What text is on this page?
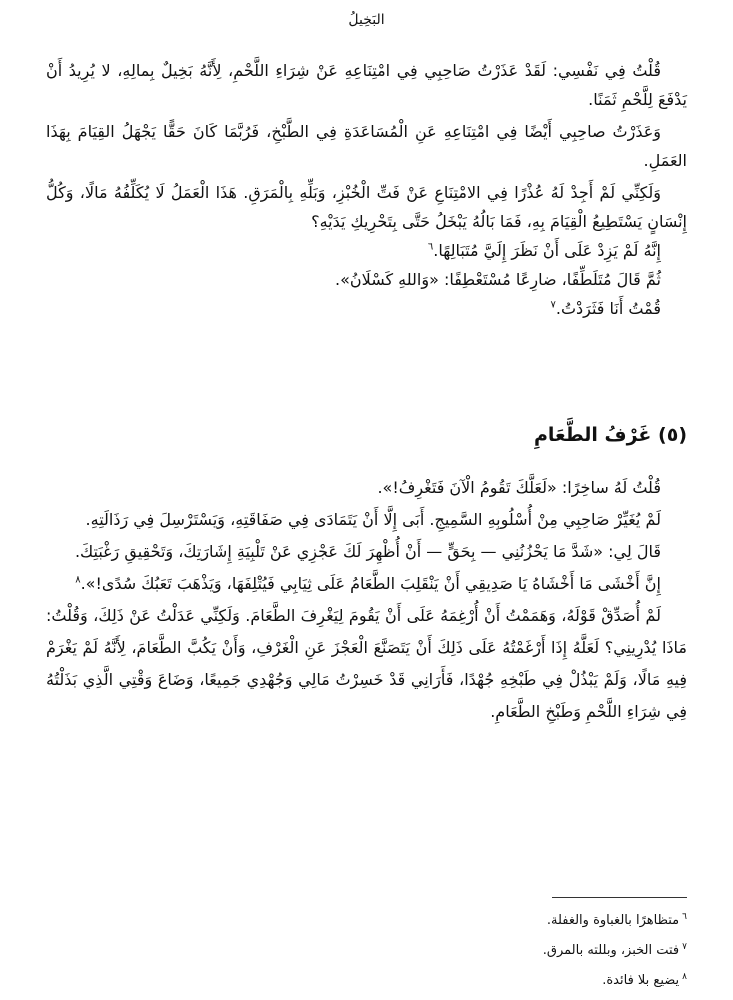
البَخِيلُ

قُلْتُ فِي نَفْسِي: لَقَدْ عَذَرْتُ صَاحِبِي فِي امْتِنَاعِهِ عَنْ شِرَاءِ اللَّحْمِ، لِأَنَّهُ بَخِيلٌ بِمالِهِ، لا يُرِيدُ أَنْ يَدْفَعَ لِلَّحْمِ ثَمَنًا.

وَعَذَرْتُ صاحِبِي أَيْضًا فِي امْتِنَاعِهِ عَنِ الْمُسَاعَدَةِ فِي الطَّبْخِ، فَرُبَّمَا كَانَ حَقًّا يَجْهَلُ القِيَامَ بِهَذَا العَمَلِ.

وَلَكِنِّي لَمْ أَجِدْ لَهُ عُذْرًا فِي الامْتِنَاعِ عَنْ فَتِّ الْخُبْزِ، وَبَلِّهِ بِالْمَرَقِ. هَذَا الْعَمَلُ لَا يُكَلِّفُهُ مَالًا، وَكُلُّ إِنْسَانٍ يَسْتَطِيعُ الْقِيَامَ بِهِ، فَمَا بَالُهُ يَبْخَلُ حَتَّى بِتَحْرِيكِ يَدَيْهِ؟

إِنَّهُ لَمْ يَزِدْ عَلَى أَنْ نَظَرَ إِلَيَّ مُتَبَالِهًا.$^٦$

ثُمَّ قَالَ مُتَلَطِّفًا، ضارِعًا مُسْتَعْطِفًا: «وَاللهِ كَسْلَانُ».

قُمْتُ أَنَا فَثَرَدْتُ.$^٧$

(٥) غَرْفُ الطَّعَامِ

قُلْتُ لَهُ ساخِرًا: «لَعَلَّكَ تَقُومُ الْآنَ فَتَغْرِفُ!».

لَمْ يُغَيِّرْ صَاحِبِي مِنْ أُسْلُوبِهِ السَّمِيجِ. أَبَى إِلَّا أَنْ يَتَمَادَى فِي صَفَاقَتِهِ، وَيَسْتَرْسِلَ فِي رَذَالَتِهِ.

قَالَ لِي: «شَدَّ مَا يَحْزُنُنِي — بِحَقٍّ — أَنْ أُظْهِرَ لَكَ عَجْزِي عَنْ تَلْبِيَةِ إِشَارَتِكَ، وَتَحْقِيقِ رَغْبَتِكَ.

إِنَّ أَخْشَى مَا أَخْشَاهُ يَا صَدِيقِي أَنْ يَنْقَلِبَ الطَّعَامُ عَلَى ثِيَابِي فَيُتْلِفَهَا، وَيَذْهَبَ تَعَبُكَ سُدًى!».$^٨$

لَمْ أُصَدِّقْ قَوْلَهُ، وَهَمَمْتُ أَنْ أُرْغِمَهُ عَلَى أَنْ يَقُومَ لِيَغْرِفَ الطَّعَامَ. وَلَكِنِّي عَدَلْتُ عَنْ ذَلِكَ، وَقُلْتُ: مَاذَا يُدْرِينِي؟ لَعَلَّهُ إِذَا أَرْغَمْتُهُ عَلَى ذَلِكَ أَنْ يَتَصَنَّعَ الْعَجْزَ عَنِ الْغَرْفِ، وَأَنْ يَكُبَّ الطَّعَامَ، لِأَنَّهُ لَمْ يَغْرَمْ فِيهِ مَالًا، وَلَمْ يَبْذُلْ فِي طَبْخِهِ جُهْدًا، فَأَرَانِي قَدْ خَسِرْتُ مَالِي وَجُهْدِي جَمِيعًا، وَضَاعَ وَقْتِي الَّذِي بَذَلْتُهُ فِي شِرَاءِ اللَّحْمِ وَطَبْخِ الطَّعَامِ.

$^٦$متظاهرًا بالغباوة والغفلة.

$^٧$فتت الخبز، وبللته بالمرق.

$^٨$يضيع بلا فائدة.
